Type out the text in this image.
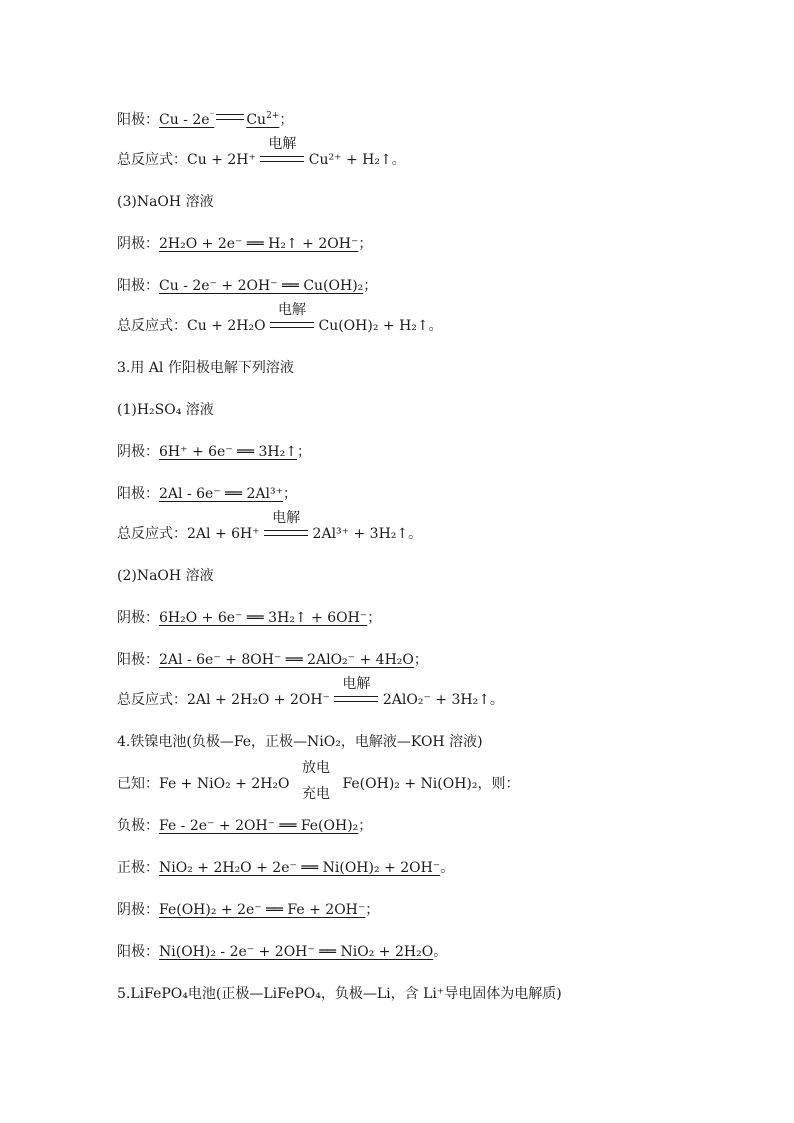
阳极：Cu - 2e⁻ $Cu^{2+}$；
总反应式：Cu + 2H⁺
电解
Cu²⁺ + H₂↑。
(3)NaOH 溶液
阴极：2H₂O + 2e⁻ ══ H₂↑ + 2OH⁻；
阳极：Cu - 2e⁻ + 2OH⁻ ══ Cu(OH)₂；
总反应式：Cu + 2H₂O
电解
Cu(OH)₂ + H₂↑。
3.用 Al 作阳极电解下列溶液
(1)H₂SO₄ 溶液
阴极：6H⁺ + 6e⁻ ══ 3H₂↑；
阳极：2Al - 6e⁻ ══ 2Al³⁺；
总反应式：2Al + 6H⁺
电解
2Al³⁺ + 3H₂↑。
(2)NaOH 溶液
阴极：6H₂O + 6e⁻ ══ 3H₂↑ + 6OH⁻；
阳极：2Al - 6e⁻ + 8OH⁻ ══ 2AlO₂⁻ + 4H₂O；
总反应式：2Al + 2H₂O + 2OH⁻
电解
2AlO₂⁻ + 3H₂↑。
4.铁镍电池(负极—Fe，正极—NiO₂，电解液—KOH 溶液)
已知：Fe + NiO₂ + 2H₂O
放电
充电
Fe(OH)₂ + Ni(OH)₂，则：
负极：Fe - 2e⁻ + 2OH⁻ ══ Fe(OH)₂；
正极：NiO₂ + 2H₂O + 2e⁻ ══ Ni(OH)₂ + 2OH⁻。
阴极：Fe(OH)₂ + 2e⁻ ══ Fe + 2OH⁻；
阳极：Ni(OH)₂ - 2e⁻ + 2OH⁻ ══ NiO₂ + 2H₂O。
5.LiFePO₄电池(正极—LiFePO₄，负极—Li，含 Li⁺导电固体为电解质)
